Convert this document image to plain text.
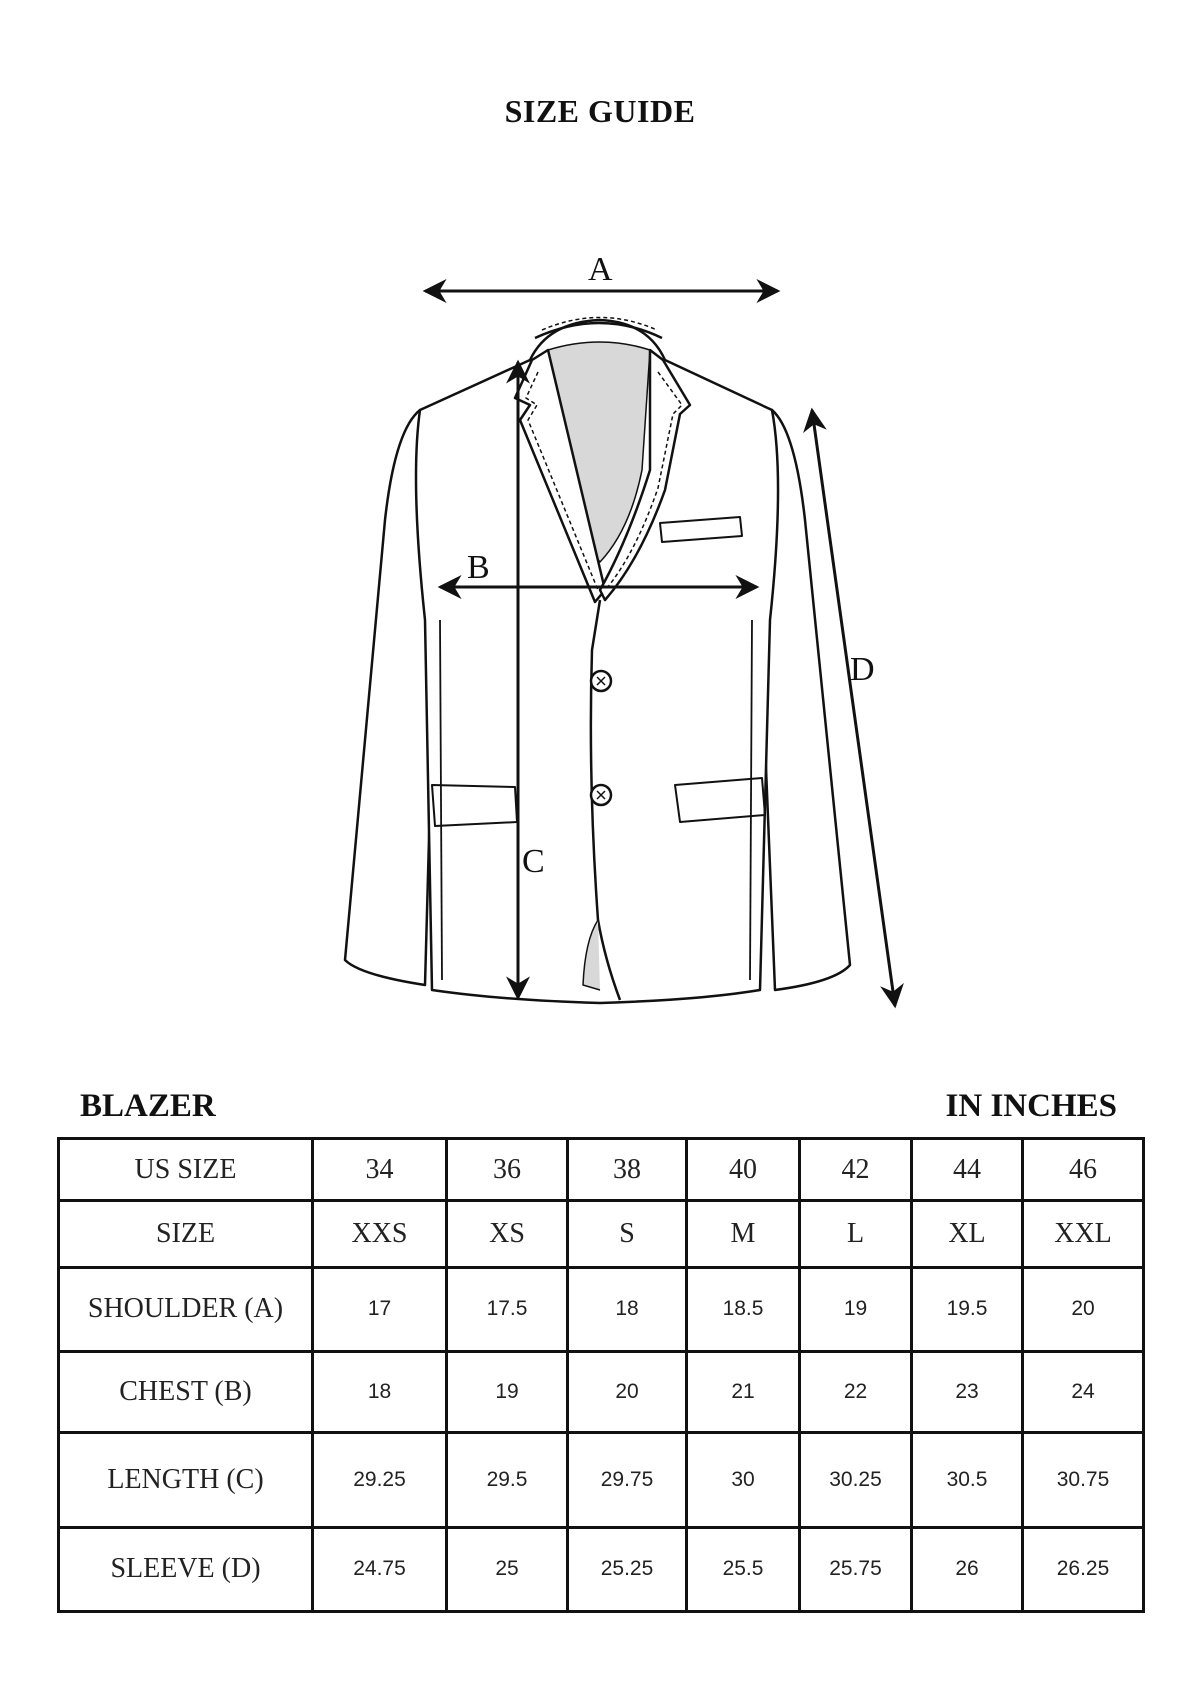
SIZE GUIDE
A
B
C
D
BLAZER	IN INCHES
US SIZE	34	36	38	40	42	44	46
SIZE	XXS	XS	S	M	L	XL	XXL
SHOULDER (A)	17	17.5	18	18.5	19	19.5	20
CHEST (B)	18	19	20	21	22	23	24
LENGTH (C)	29.25	29.5	29.75	30	30.25	30.5	30.75
SLEEVE (D)	24.75	25	25.25	25.5	25.75	26	26.25
